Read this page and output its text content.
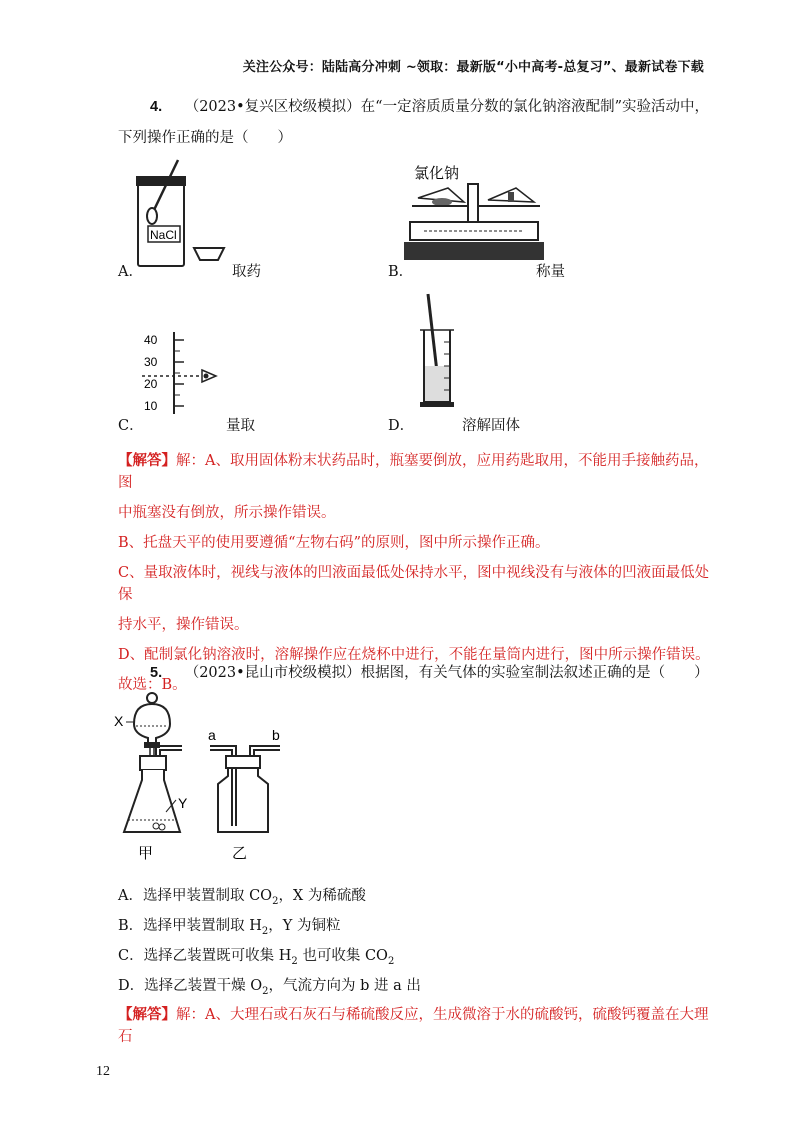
关注公众号：陆陆高分冲刺 ~领取：最新版“小中高考-总复习”、最新试卷下载
4. （2023•复兴区校级模拟）在“一定溶质质量分数的氯化钠溶液配制”实验活动中，
下列操作正确的是（　　）
NaCl
A．	取药
氯化钠
B．	称量
40
30
20
10
C．	量取	D．	溶解固体
【解答】解：A、取用固体粉末状药品时，瓶塞要倒放，应用药匙取用，不能用手接触药品，图
中瓶塞没有倒放，所示操作错误。
B、托盘天平的使用要遵循“左物右码”的原则，图中所示操作正确。
C、量取液体时，视线与液体的凹液面最低处保持水平，图中视线没有与液体的凹液面最低处保
持水平，操作错误。
D、配制氯化钠溶液时，溶解操作应在烧杯中进行，不能在量筒内进行，图中所示操作错误。
故选：B。
5. （2023•昆山市校级模拟）根据图，有关气体的实验室制法叙述正确的是（　　）
X
Y
甲
a	b
乙
A．选择甲装置制取 $CO_2$，X 为稀硫酸
B．选择甲装置制取 $H_2$，Y 为铜粒
C．选择乙装置既可收集 $H_2$ 也可收集 $CO_2$
D．选择乙装置干燥 $O_2$，气流方向为 b 进 a 出
【解答】解：A、大理石或石灰石与稀硫酸反应，生成微溶于水的硫酸钙，硫酸钙覆盖在大理石
12
